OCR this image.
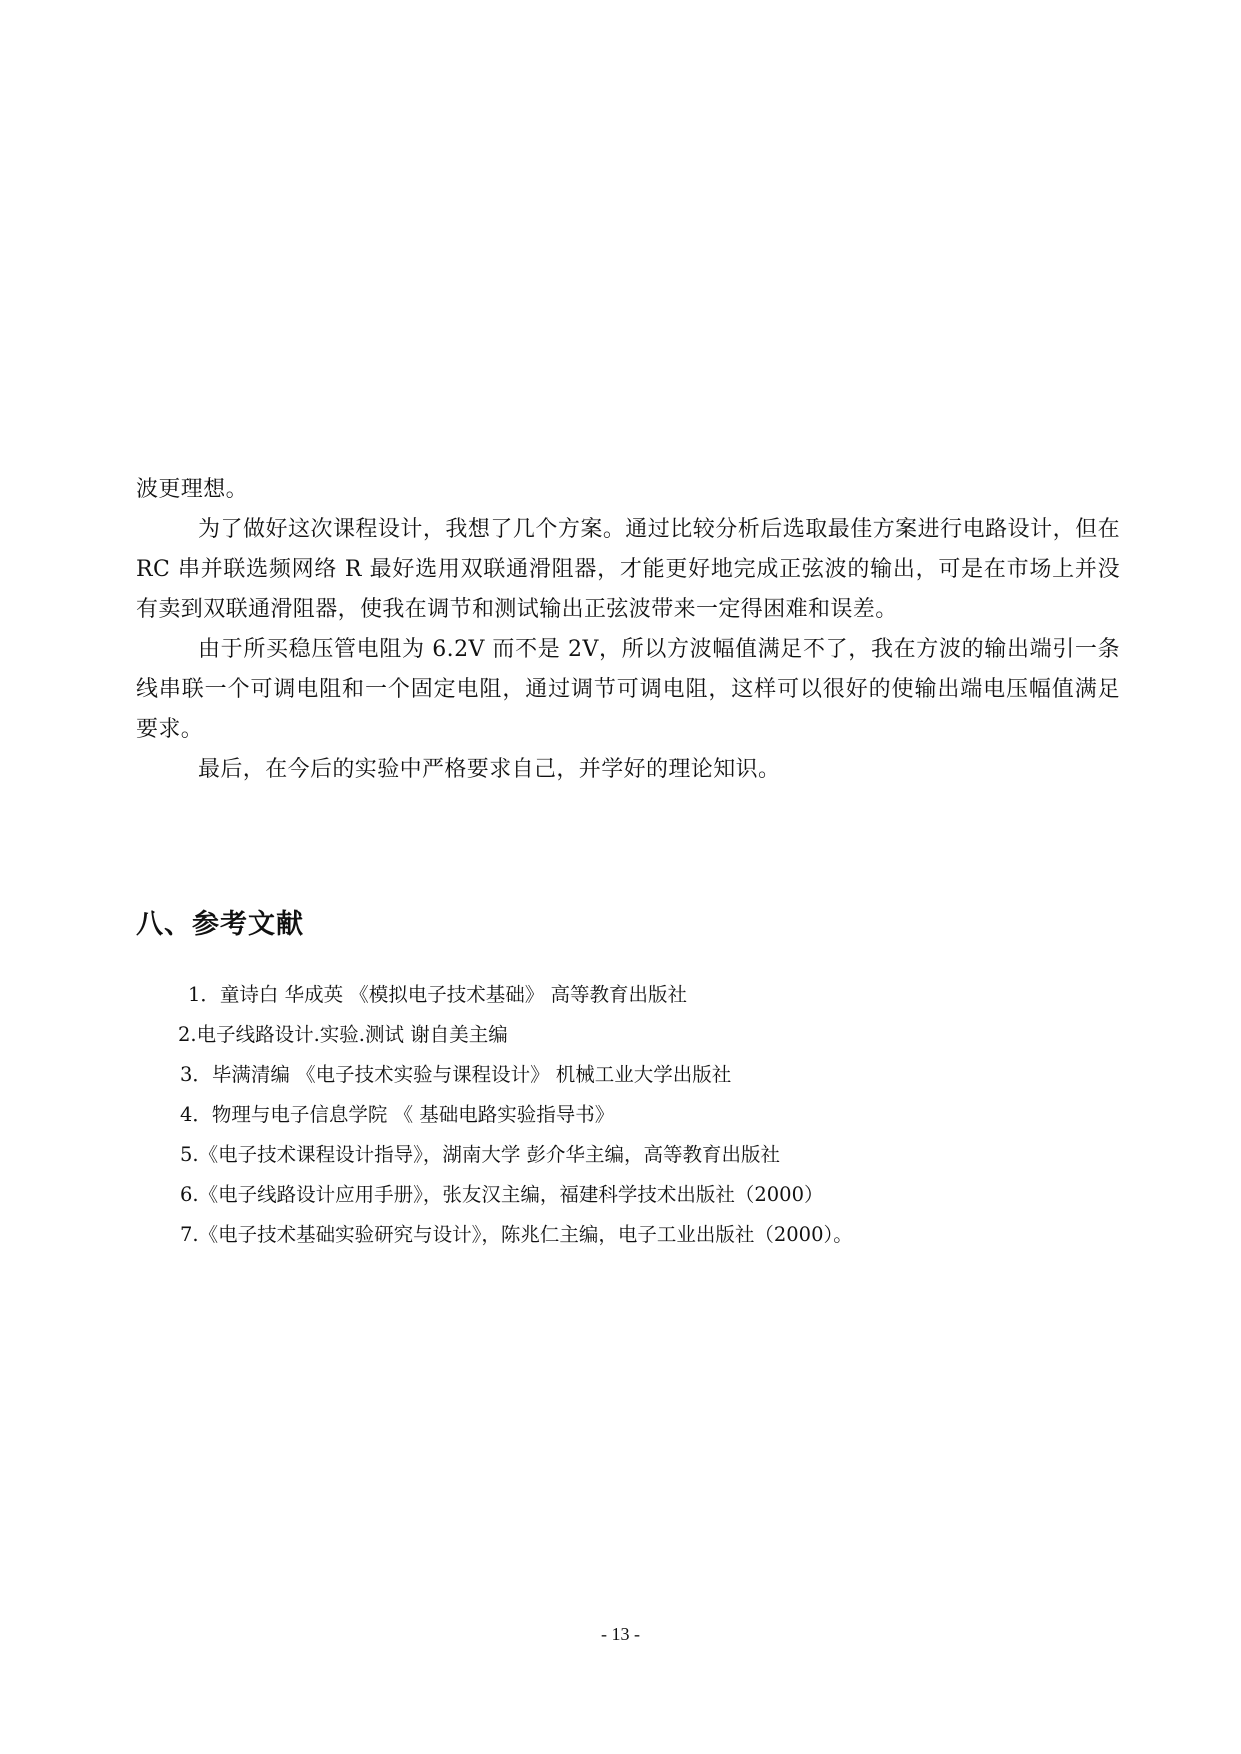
波更理想。

为了做好这次课程设计，我想了几个方案。通过比较分析后选取最佳方案进行电路设计，但在 RC 串并联选频网络 R 最好选用双联通滑阻器，才能更好地完成正弦波的输出，可是在市场上并没有卖到双联通滑阻器，使我在调节和测试输出正弦波带来一定得困难和误差。

由于所买稳压管电阻为 6.2V 而不是 2V，所以方波幅值满足不了，我在方波的输出端引一条线串联一个可调电阻和一个固定电阻，通过调节可调电阻，这样可以很好的使输出端电压幅值满足要求。

最后，在今后的实验中严格要求自己，并学好的理论知识。

八、参考文献
1．童诗白 华成英 《模拟电子技术基础》 高等教育出版社
2.电子线路设计.实验.测试 谢自美主编
3．毕满清编 《电子技术实验与课程设计》 机械工业大学出版社
4．物理与电子信息学院 《 基础电路实验指导书》
5.《电子技术课程设计指导》，湖南大学 彭介华主编，高等教育出版社
6.《电子线路设计应用手册》，张友汉主编，福建科学技术出版社（2000）
7.《电子技术基础实验研究与设计》，陈兆仁主编，电子工业出版社（2000）。
- 13 -
